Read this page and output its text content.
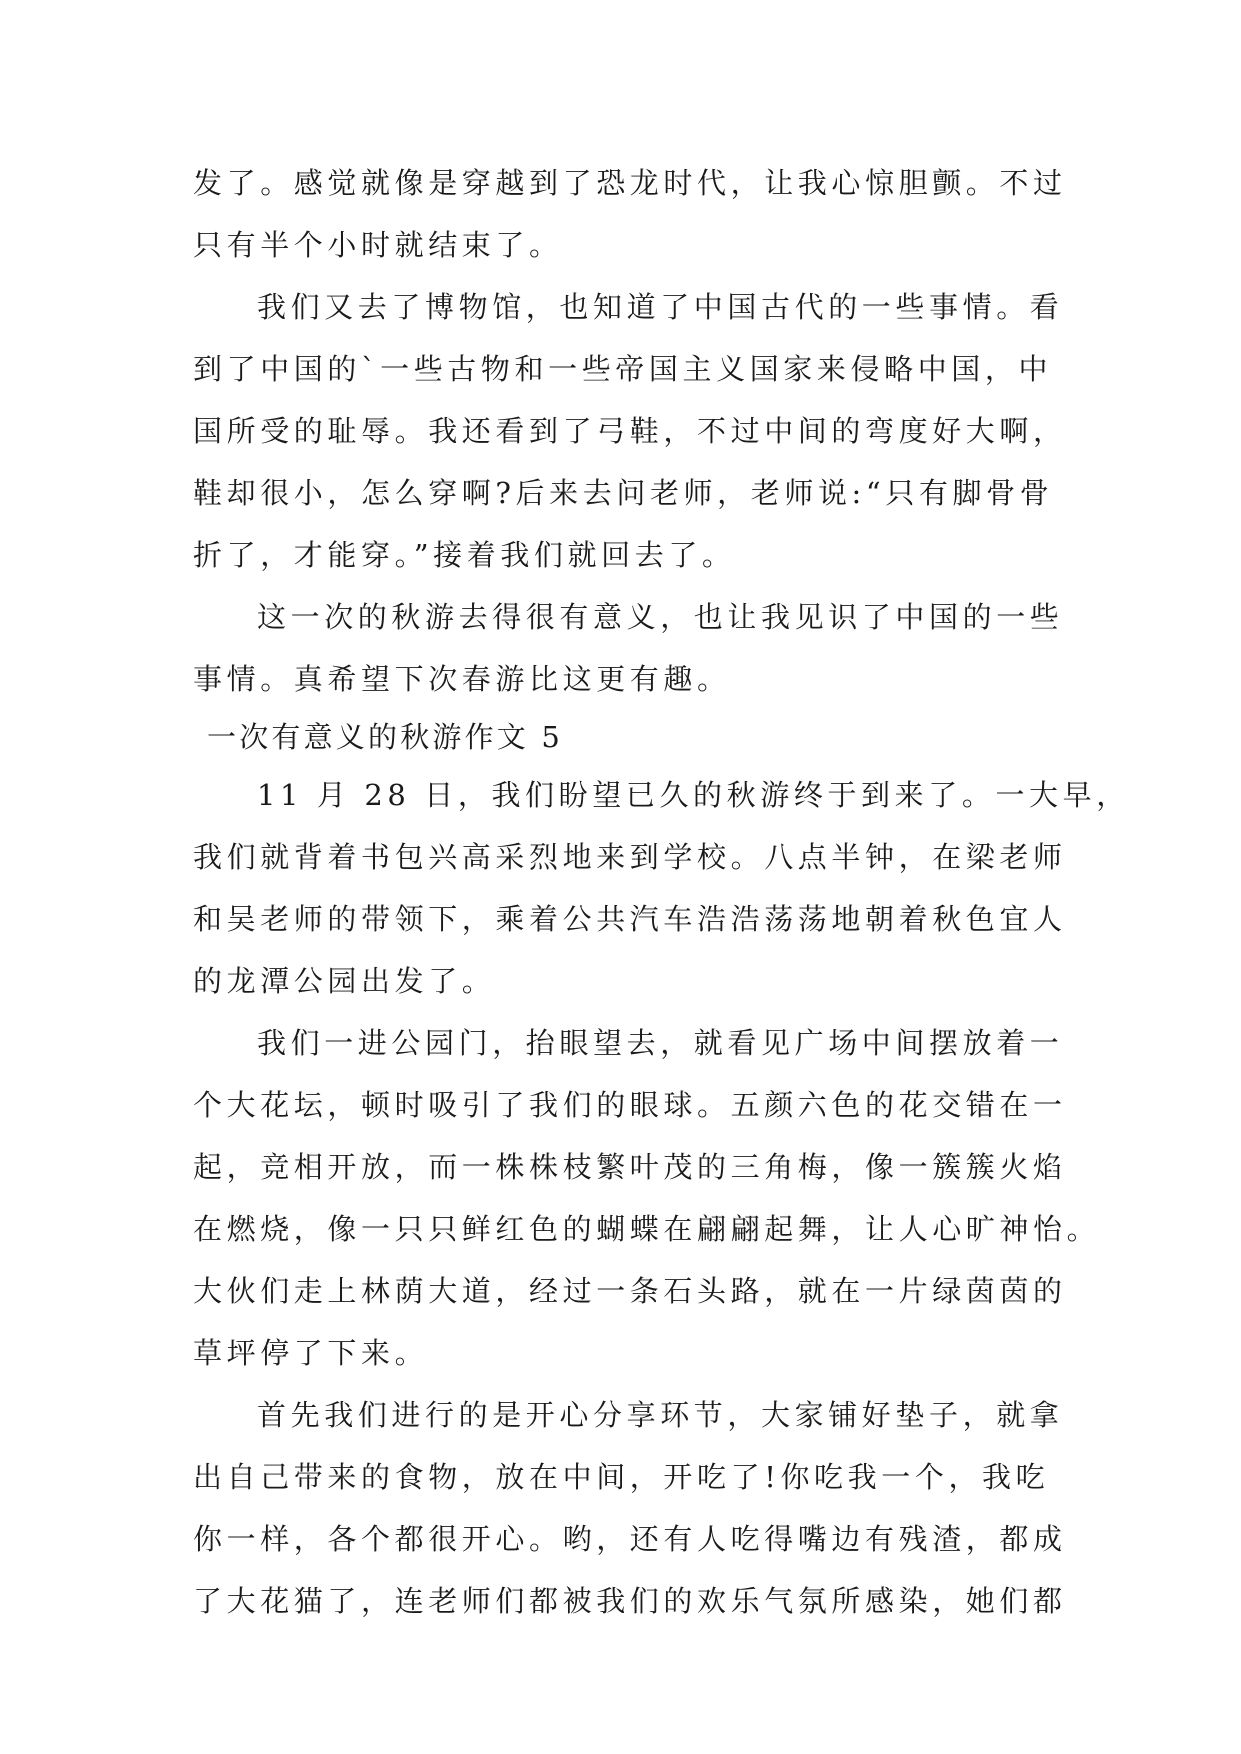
发了。感觉就像是穿越到了恐龙时代，让我心惊胆颤。不过
只有半个小时就结束了。
我们又去了博物馆，也知道了中国古代的一些事情。看
到了中国的`一些古物和一些帝国主义国家来侵略中国，中
国所受的耻辱。我还看到了弓鞋，不过中间的弯度好大啊，
鞋却很小，怎么穿啊?后来去问老师，老师说:“只有脚骨骨
折了，才能穿。”接着我们就回去了。
这一次的秋游去得很有意义，也让我见识了中国的一些
事情。真希望下次春游比这更有趣。
一次有意义的秋游作文 5
11 月 28 日，我们盼望已久的秋游终于到来了。一大早，
我们就背着书包兴高采烈地来到学校。八点半钟，在梁老师
和吴老师的带领下，乘着公共汽车浩浩荡荡地朝着秋色宜人
的龙潭公园出发了。
我们一进公园门，抬眼望去，就看见广场中间摆放着一
个大花坛，顿时吸引了我们的眼球。五颜六色的花交错在一
起，竞相开放，而一株株枝繁叶茂的三角梅，像一簇簇火焰
在燃烧，像一只只鲜红色的蝴蝶在翩翩起舞，让人心旷神怡。
大伙们走上林荫大道，经过一条石头路，就在一片绿茵茵的
草坪停了下来。
首先我们进行的是开心分享环节，大家铺好垫子，就拿
出自己带来的食物，放在中间，开吃了!你吃我一个，我吃
你一样，各个都很开心。哟，还有人吃得嘴边有残渣，都成
了大花猫了，连老师们都被我们的欢乐气氛所感染，她们都
